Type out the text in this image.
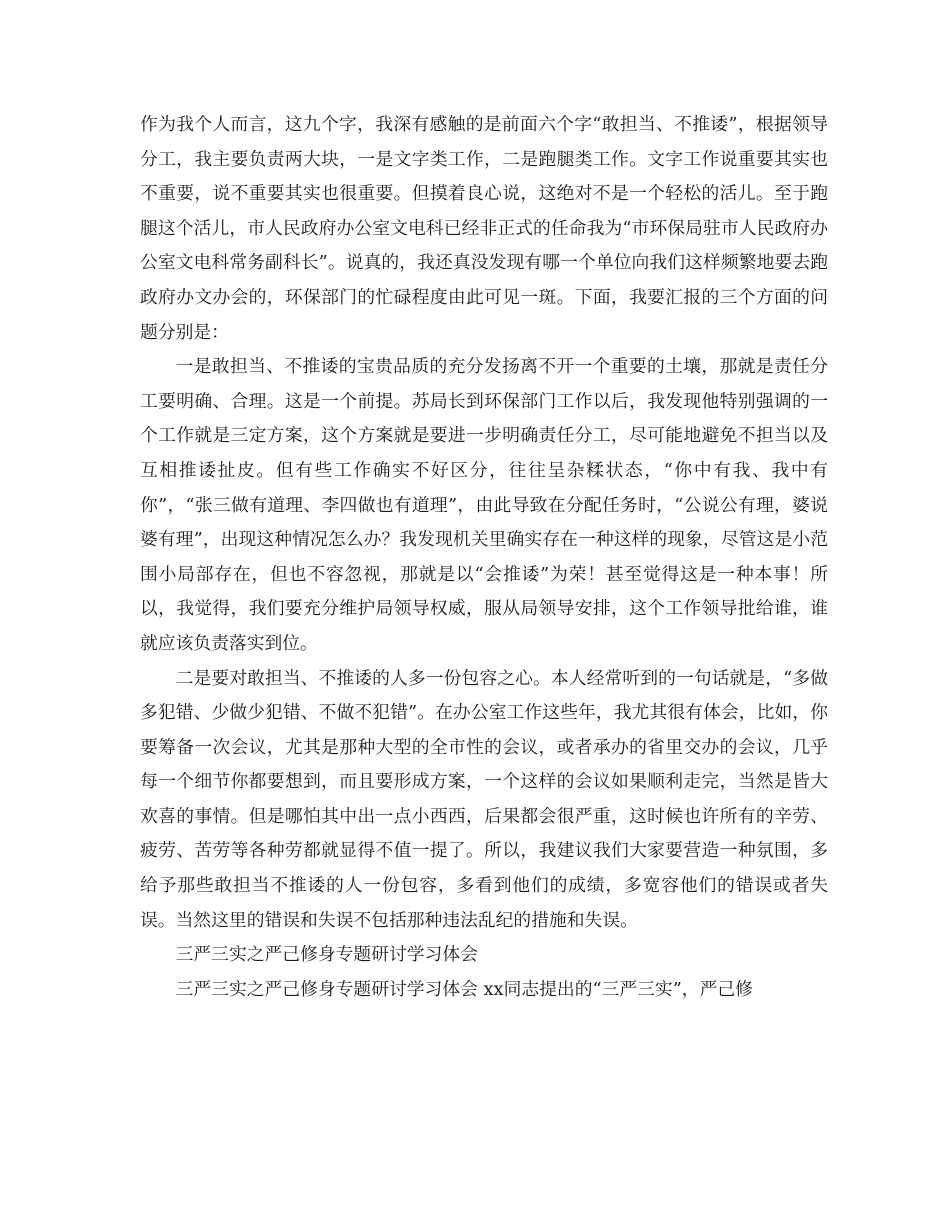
作为我个人而言，这九个字，我深有感触的是前面六个字“敢担当、不推诿”，根据领导分工，我主要负责两大块，一是文字类工作，二是跑腿类工作。文字工作说重要其实也不重要，说不重要其实也很重要。但摸着良心说，这绝对不是一个轻松的活儿。至于跑腿这个活儿，市人民政府办公室文电科已经非正式的任命我为“市环保局驻市人民政府办公室文电科常务副科长”。说真的，我还真没发现有哪一个单位向我们这样频繁地要去跑政府办文办会的，环保部门的忙碌程度由此可见一斑。下面，我要汇报的三个方面的问题分别是：

一是敢担当、不推诿的宝贵品质的充分发扬离不开一个重要的土壤，那就是责任分工要明确、合理。这是一个前提。苏局长到环保部门工作以后，我发现他特别强调的一个工作就是三定方案，这个方案就是要进一步明确责任分工，尽可能地避免不担当以及互相推诿扯皮。但有些工作确实不好区分，往往呈杂糅状态，“你中有我、我中有你”，“张三做有道理、李四做也有道理”，由此导致在分配任务时，“公说公有理，婆说婆有理”，出现这种情况怎么办？我发现机关里确实存在一种这样的现象，尽管这是小范围小局部存在，但也不容忽视，那就是以“会推诿”为荣！甚至觉得这是一种本事！所以，我觉得，我们要充分维护局领导权威，服从局领导安排，这个工作领导批给谁，谁就应该负责落实到位。

二是要对敢担当、不推诿的人多一份包容之心。本人经常听到的一句话就是，“多做多犯错、少做少犯错、不做不犯错”。在办公室工作这些年，我尤其很有体会，比如，你要筹备一次会议，尤其是那种大型的全市性的会议，或者承办的省里交办的会议，几乎每一个细节你都要想到，而且要形成方案，一个这样的会议如果顺利走完，当然是皆大欢喜的事情。但是哪怕其中出一点小西西，后果都会很严重，这时候也许所有的辛劳、疲劳、苦劳等各种劳都就显得不值一提了。所以，我建议我们大家要营造一种氛围，多给予那些敢担当不推诿的人一份包容，多看到他们的成绩，多宽容他们的错误或者失误。当然这里的错误和失误不包括那种违法乱纪的措施和失误。

三严三实之严己修身专题研讨学习体会

三严三实之严己修身专题研讨学习体会 xx同志提出的“三严三实”，严己修
